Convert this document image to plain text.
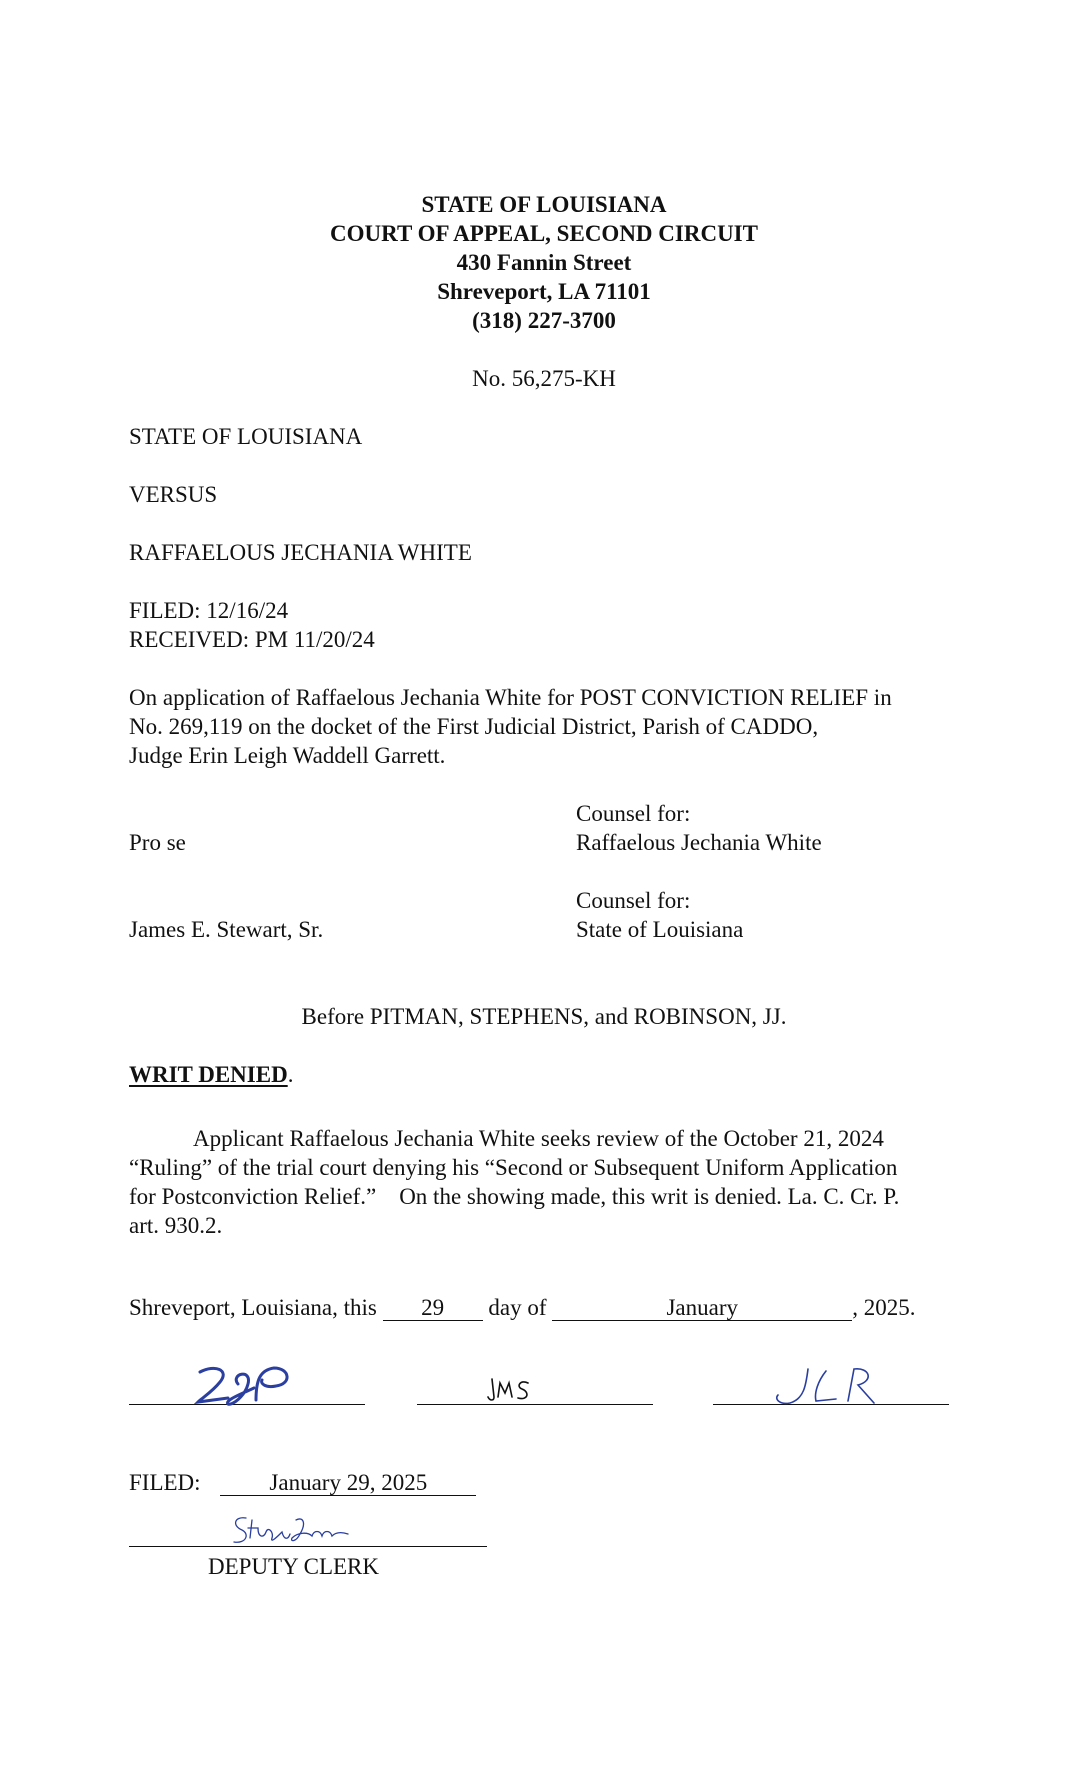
STATE OF LOUISIANA
COURT OF APPEAL, SECOND CIRCUIT
430 Fannin Street
Shreveport, LA 71101
(318) 227-3700
No. 56,275-KH
STATE OF LOUISIANA
VERSUS
RAFFAELOUS JECHANIA WHITE
FILED: 12/16/24
RECEIVED: PM 11/20/24
On application of Raffaelous Jechania White for POST CONVICTION RELIEF in
No. 269,119 on the docket of the First Judicial District, Parish of CADDO,
Judge Erin Leigh Waddell Garrett.
Counsel for:
Pro se	Raffaelous Jechania White
Counsel for:
James E. Stewart, Sr.	State of Louisiana
Before PITMAN, STEPHENS, and ROBINSON, JJ.
WRIT DENIED.
Applicant Raffaelous Jechania White seeks review of the October 21, 2024
“Ruling” of the trial court denying his “Second or Subsequent Uniform Application
for Postconviction Relief.”    On the showing made, this writ is denied. La. C. Cr. P.
art. 930.2.
Shreveport, Louisiana, this 29 day of	January	, 2025.
FILED:	January 29, 2025
DEPUTY CLERK
